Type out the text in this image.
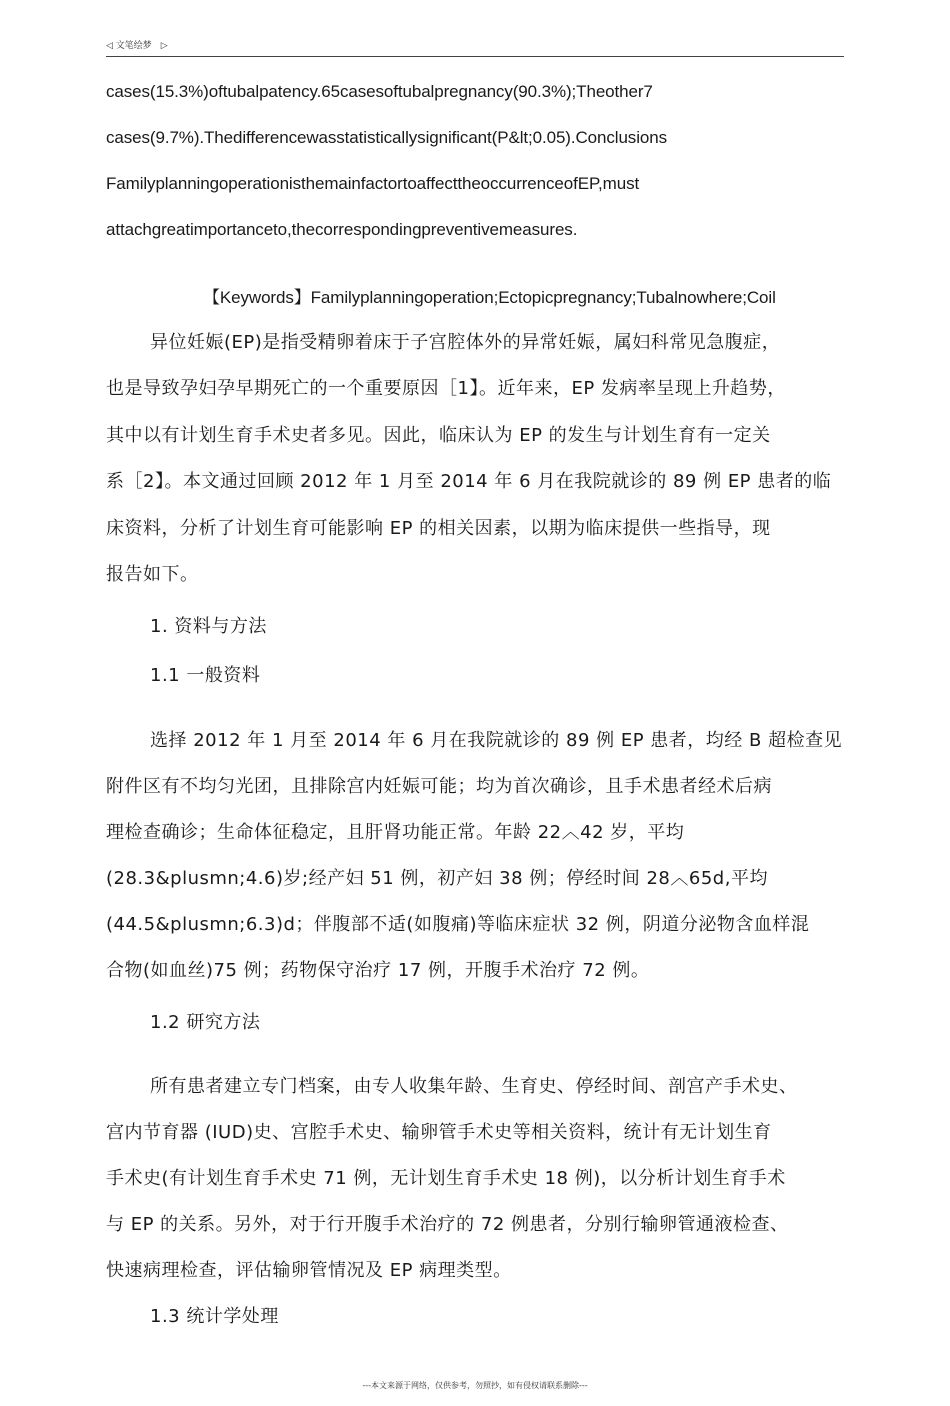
◁ 文笔绘梦 ▷
cases(15.3%)oftubalpatency.65casesoftubalpregnancy(90.3%);Theother7
cases(9.7%).Thedifferencewasstatisticallysignificant(P&lt;0.05).Conclusions
FamilyplanningoperationisthemainfactortoaffecttheoccurrenceofEP,must
attachgreatimportanceto,thecorrespondingpreventivemeasures.
【Keywords】Familyplanningoperation;Ectopicpregnancy;Tubalnowhere;Coil
异位妊娠(EP)是指受精卵着床于子宫腔体外的异常妊娠，属妇科常见急腹症，
也是导致孕妇孕早期死亡的一个重要原因［1】。近年来，EP 发病率呈现上升趋势，
其中以有计划生育手术史者多见。因此，临床认为 EP 的发生与计划生育有一定关
系［2】。本文通过回顾 2012 年 1 月至 2014 年 6 月在我院就诊的 89 例 EP 患者的临
床资料，分析了计划生育可能影响 EP 的相关因素，以期为临床提供一些指导，现
报告如下。
1. 资料与方法
1.1 一般资料
选择 2012 年 1 月至 2014 年 6 月在我院就诊的 89 例 EP 患者，均经 B 超检查见
附件区有不均匀光团，且排除宫内妊娠可能；均为首次确诊，且手术患者经术后病
理检查确诊；生命体征稳定，且肝肾功能正常。年龄 22︿42 岁，平均
(28.3&plusmn;4.6)岁;经产妇 51 例，初产妇 38 例；停经时间 28︿65d,平均
(44.5&plusmn;6.3)d；伴腹部不适(如腹痛)等临床症状 32 例，阴道分泌物含血样混
合物(如血丝)75 例；药物保守治疗 17 例，开腹手术治疗 72 例。
1.2 研究方法
所有患者建立专门档案，由专人收集年龄、生育史、停经时间、剖宫产手术史、
宫内节育器 (IUD)史、宫腔手术史、输卵管手术史等相关资料，统计有无计划生育
手术史(有计划生育手术史 71 例，无计划生育手术史 18 例)，以分析计划生育手术
与 EP 的关系。另外，对于行开腹手术治疗的 72 例患者，分别行输卵管通液检查、
快速病理检查，评估输卵管情况及 EP 病理类型。
1.3 统计学处理
---本文来源于网络，仅供参考，勿照抄，如有侵权请联系删除---
